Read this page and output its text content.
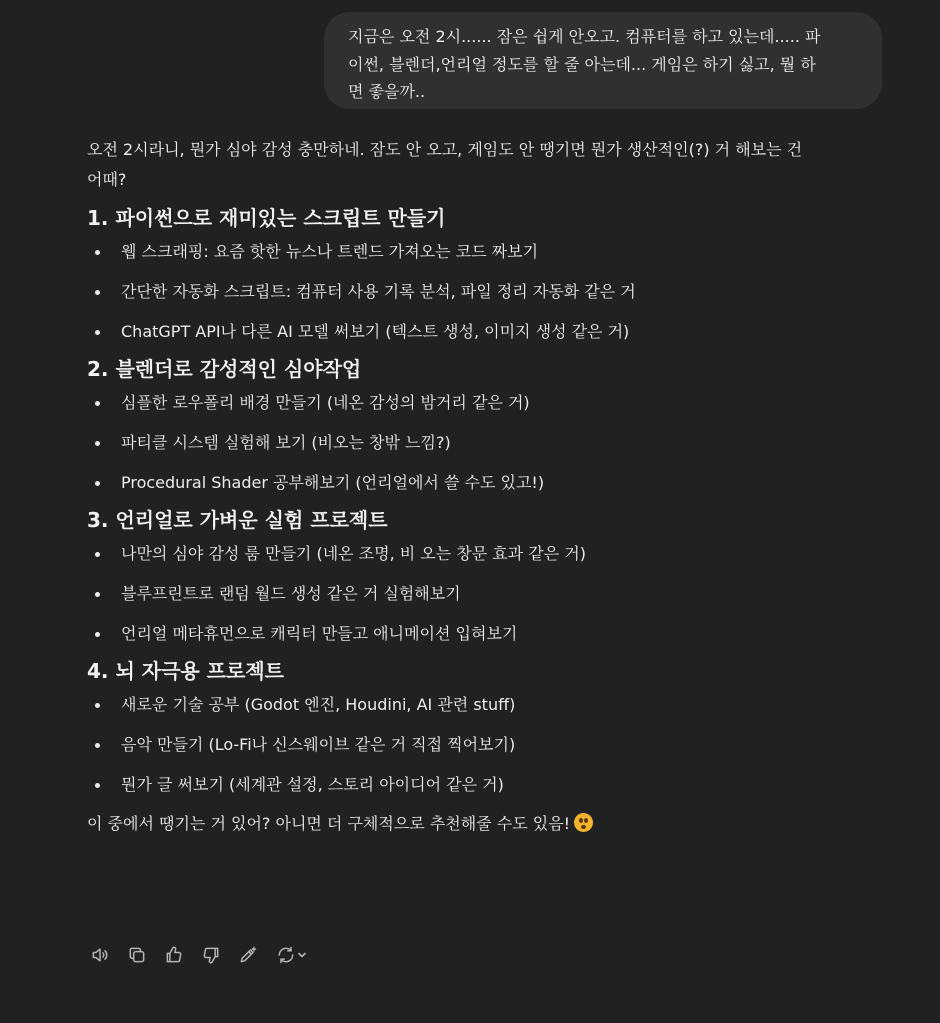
지금은 오전 2시...... 잠은 쉽게 안오고. 컴퓨터를 하고 있는데..... 파
이썬, 블렌더,언리얼 정도를 할 줄 아는데... 게임은 하기 싫고, 뭘 하
면 좋을까..

오전 2시라니, 뭔가 심야 감성 충만하네. 잠도 안 오고, 게임도 안 땡기면 뭔가 생산적인(?) 거 해보는 건
어때?

1. 파이썬으로 재미있는 스크립트 만들기
웹 스크래핑: 요즘 핫한 뉴스나 트렌드 가져오는 코드 짜보기
간단한 자동화 스크립트: 컴퓨터 사용 기록 분석, 파일 정리 자동화 같은 거
ChatGPT API나 다른 AI 모델 써보기 (텍스트 생성, 이미지 생성 같은 거)
2. 블렌더로 감성적인 심야작업
심플한 로우폴리 배경 만들기 (네온 감성의 밤거리 같은 거)
파티클 시스템 실험해 보기 (비오는 창밖 느낌?)
Procedural Shader 공부해보기 (언리얼에서 쓸 수도 있고!)
3. 언리얼로 가벼운 실험 프로젝트
나만의 심야 감성 룸 만들기 (네온 조명, 비 오는 창문 효과 같은 거)
블루프린트로 랜덤 월드 생성 같은 거 실험해보기
언리얼 메타휴먼으로 캐릭터 만들고 애니메이션 입혀보기
4. 뇌 자극용 프로젝트
새로운 기술 공부 (Godot 엔진, Houdini, AI 관련 stuff)
음악 만들기 (Lo-Fi나 신스웨이브 같은 거 직접 찍어보기)
뭔가 글 써보기 (세계관 설정, 스토리 아이디어 같은 거)

이 중에서 땡기는 거 있어? 아니면 더 구체적으로 추천해줄 수도 있음!
